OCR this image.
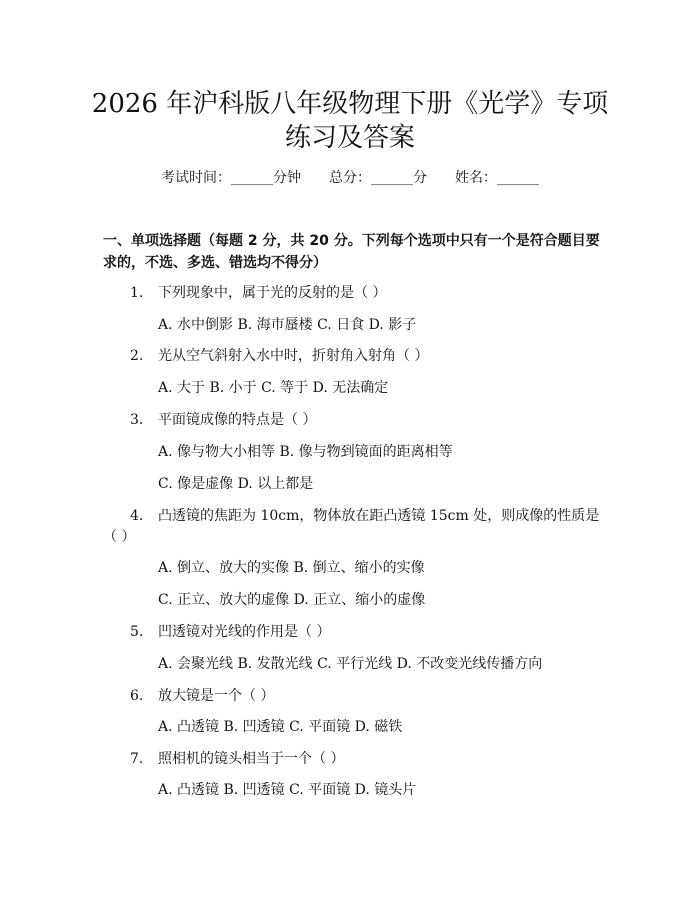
2026 年沪科版八年级物理下册《光学》专项
练习及答案
考试时间：______分钟 总分：______分 姓名：______
一、单项选择题（每题 2 分，共 20 分。下列每个选项中只有一个是符合题目要求的，不选、多选、错选均不得分）
1. 下列现象中，属于光的反射的是（ ）
A. 水中倒影 B. 海市蜃楼 C. 日食 D. 影子
2. 光从空气斜射入水中时，折射角入射角（ ）
A. 大于 B. 小于 C. 等于 D. 无法确定
3. 平面镜成像的特点是（ ）
A. 像与物大小相等 B. 像与物到镜面的距离相等
C. 像是虚像 D. 以上都是
4. 凸透镜的焦距为 10cm，物体放在距凸透镜 15cm 处，则成像的性质是
（ ）
A. 倒立、放大的实像 B. 倒立、缩小的实像
C. 正立、放大的虚像 D. 正立、缩小的虚像
5. 凹透镜对光线的作用是（ ）
A. 会聚光线 B. 发散光线 C. 平行光线 D. 不改变光线传播方向
6. 放大镜是一个（ ）
A. 凸透镜 B. 凹透镜 C. 平面镜 D. 磁铁
7. 照相机的镜头相当于一个（ ）
A. 凸透镜 B. 凹透镜 C. 平面镜 D. 镜头片
